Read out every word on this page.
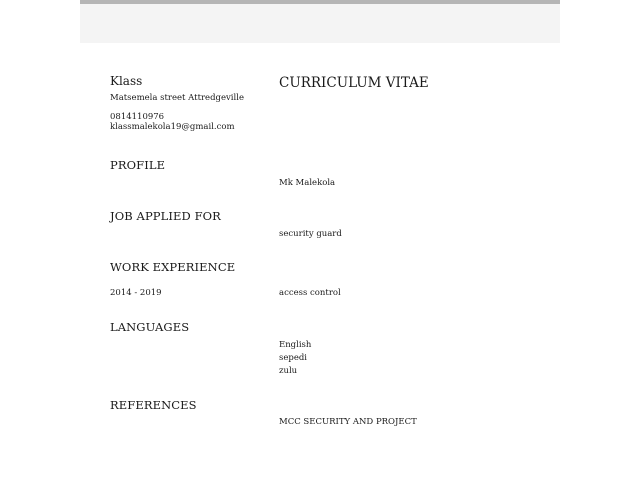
Klass
Matsemela street Attredgeville
0814110976
klassmalekola19@gmail.com
CURRICULUM VITAE
PROFILE
Mk Malekola
JOB APPLIED FOR
security guard
WORK EXPERIENCE
2014 - 2019	access control
LANGUAGES
English
sepedi
zulu
REFERENCES
MCC SECURITY AND PROJECT
